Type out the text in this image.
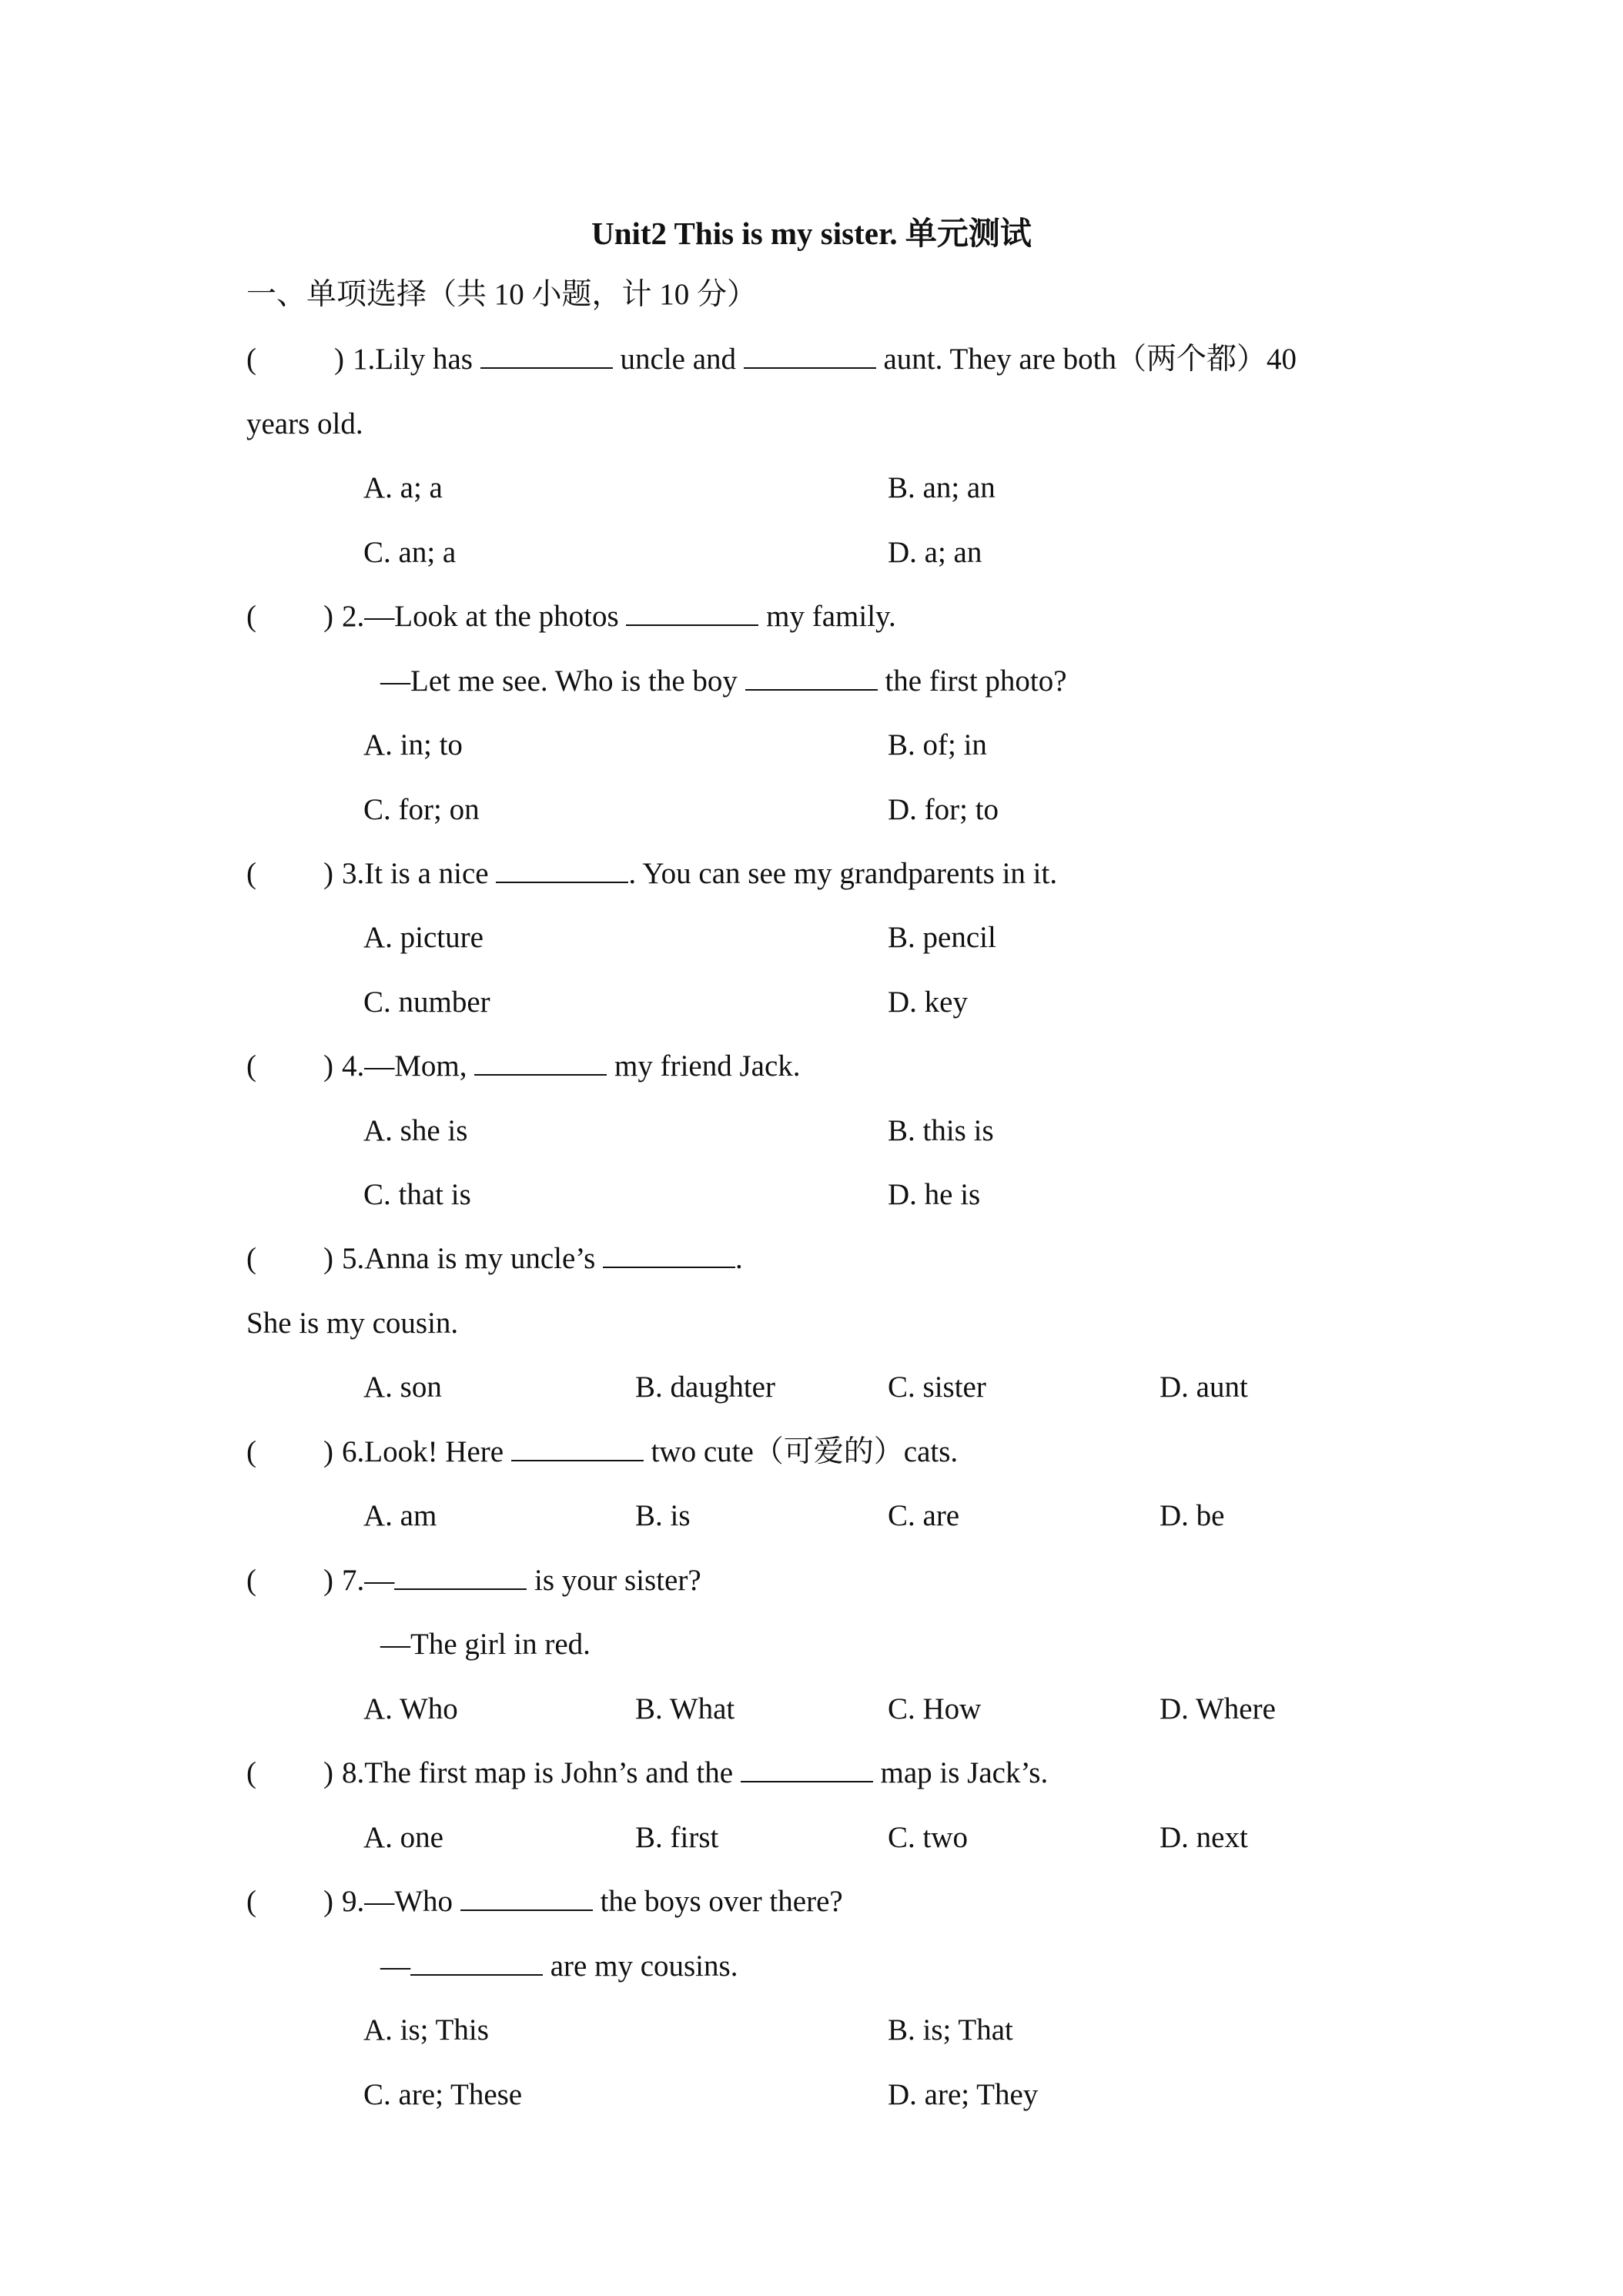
Unit2 This is my sister. 单元测试
一、单项选择（共 10 小题，计 10 分）
(	) 1.Lily has	uncle and	aunt. They are both（两个都）40
years old.
A. a; a	B. an; an
C. an; a	D. a; an
( ) 2.—Look at the photos	my family.
—Let me see. Who is the boy	the first photo?
A. in; to	B. of; in
C. for; on	D. for; to
( ) 3.It is a nice	. You can see my grandparents in it.
A. picture	B. pencil
C. number	D. key
( ) 4.—Mom,	my friend Jack.
A. she is	B. this is
C. that is	D. he is
( ) 5.Anna is my uncle’s	.
She is my cousin.
A. son	B. daughter	C. sister	D. aunt
( ) 6.Look! Here	two cute（可爱的）cats.
A. am	B. is	C. are	D. be
( ) 7.—	is your sister?
—The girl in red.
A. Who	B. What	C. How	D. Where
( ) 8.The first map is John’s and the	map is Jack’s.
A. one	B. first	C. two	D. next
( ) 9.—Who	the boys over there?
—	are my cousins.
A. is; This	B. is; That
C. are; These	D. are; They
